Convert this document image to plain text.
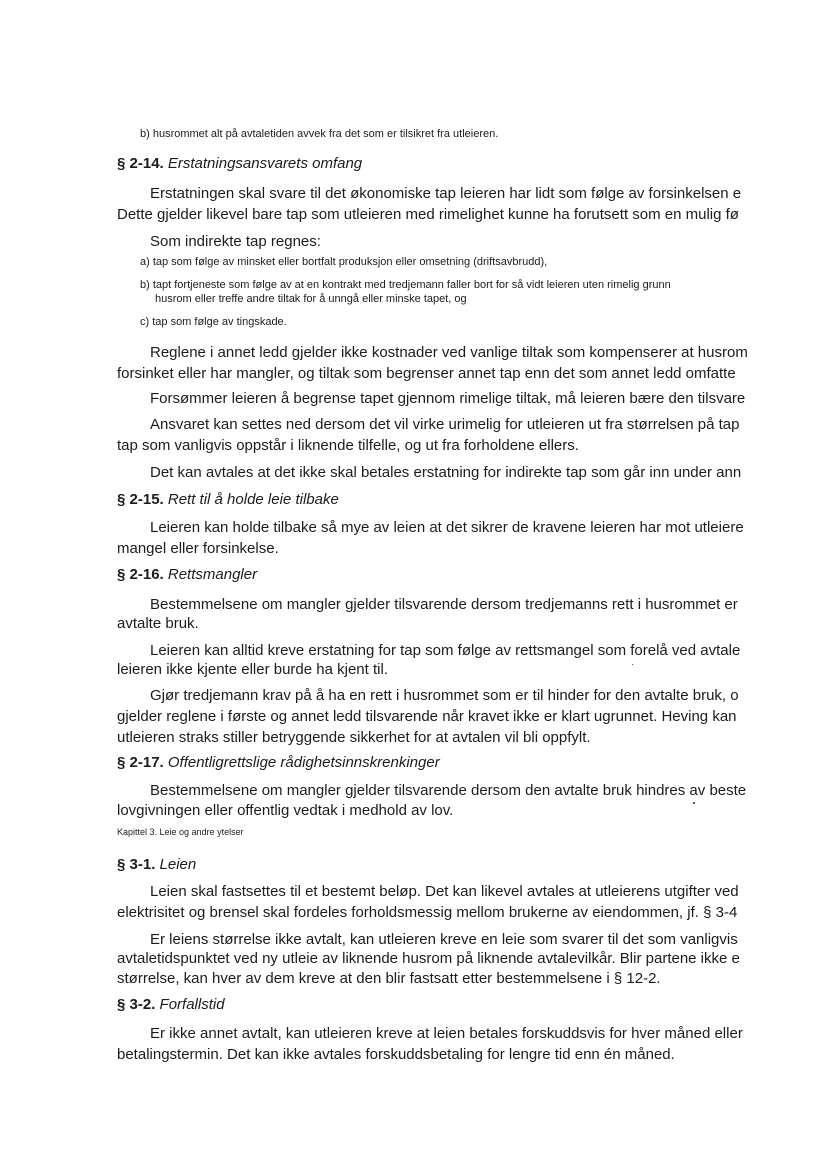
b) husrommet alt på avtaletiden avvek fra det som er tilsikret fra utleieren.
§ 2-14. Erstatningsansvarets omfang
Erstatningen skal svare til det økonomiske tap leieren har lidt som følge av forsinkelsen e
Dette gjelder likevel bare tap som utleieren med rimelighet kunne ha forutsett som en mulig fø
Som indirekte tap regnes:
a) tap som følge av minsket eller bortfalt produksjon eller omsetning (driftsavbrudd),
b) tapt fortjeneste som følge av at en kontrakt med tredjemann faller bort for så vidt leieren uten rimelig grunn
husrom eller treffe andre tiltak for å unngå eller minske tapet, og
c) tap som følge av tingskade.
Reglene i annet ledd gjelder ikke kostnader ved vanlige tiltak som kompenserer at husrom
forsinket eller har mangler, og tiltak som begrenser annet tap enn det som annet ledd omfatte
Forsømmer leieren å begrense tapet gjennom rimelige tiltak, må leieren bære den tilsvare
Ansvaret kan settes ned dersom det vil virke urimelig for utleieren ut fra størrelsen på tap
tap som vanligvis oppstår i liknende tilfelle, og ut fra forholdene ellers.
Det kan avtales at det ikke skal betales erstatning for indirekte tap som går inn under ann
§ 2-15. Rett til å holde leie tilbake
Leieren kan holde tilbake så mye av leien at det sikrer de kravene leieren har mot utleiere
mangel eller forsinkelse.
§ 2-16. Rettsmangler
Bestemmelsene om mangler gjelder tilsvarende dersom tredjemanns rett i husrommet er
avtalte bruk.
Leieren kan alltid kreve erstatning for tap som følge av rettsmangel som forelå ved avtale
leieren ikke kjente eller burde ha kjent til.
Gjør tredjemann krav på å ha en rett i husrommet som er til hinder for den avtalte bruk, o
gjelder reglene i første og annet ledd tilsvarende når kravet ikke er klart ugrunnet. Heving kan
utleieren straks stiller betryggende sikkerhet for at avtalen vil bli oppfylt.
§ 2-17. Offentligrettslige rådighetsinnskrenkinger
Bestemmelsene om mangler gjelder tilsvarende dersom den avtalte bruk hindres av beste
lovgivningen eller offentlig vedtak i medhold av lov.
Kapittel 3. Leie og andre ytelser
§ 3-1. Leien
Leien skal fastsettes til et bestemt beløp. Det kan likevel avtales at utleierens utgifter ved
elektrisitet og brensel skal fordeles forholdsmessig mellom brukerne av eiendommen, jf. § 3-4
Er leiens størrelse ikke avtalt, kan utleieren kreve en leie som svarer til det som vanligvis
avtaletidspunktet ved ny utleie av liknende husrom på liknende avtalevilkår. Blir partene ikke e
størrelse, kan hver av dem kreve at den blir fastsatt etter bestemmelsene i § 12-2.
§ 3-2. Forfallstid
Er ikke annet avtalt, kan utleieren kreve at leien betales forskuddsvis for hver måned eller
betalingstermin. Det kan ikke avtales forskuddsbetaling for lengre tid enn én måned.
